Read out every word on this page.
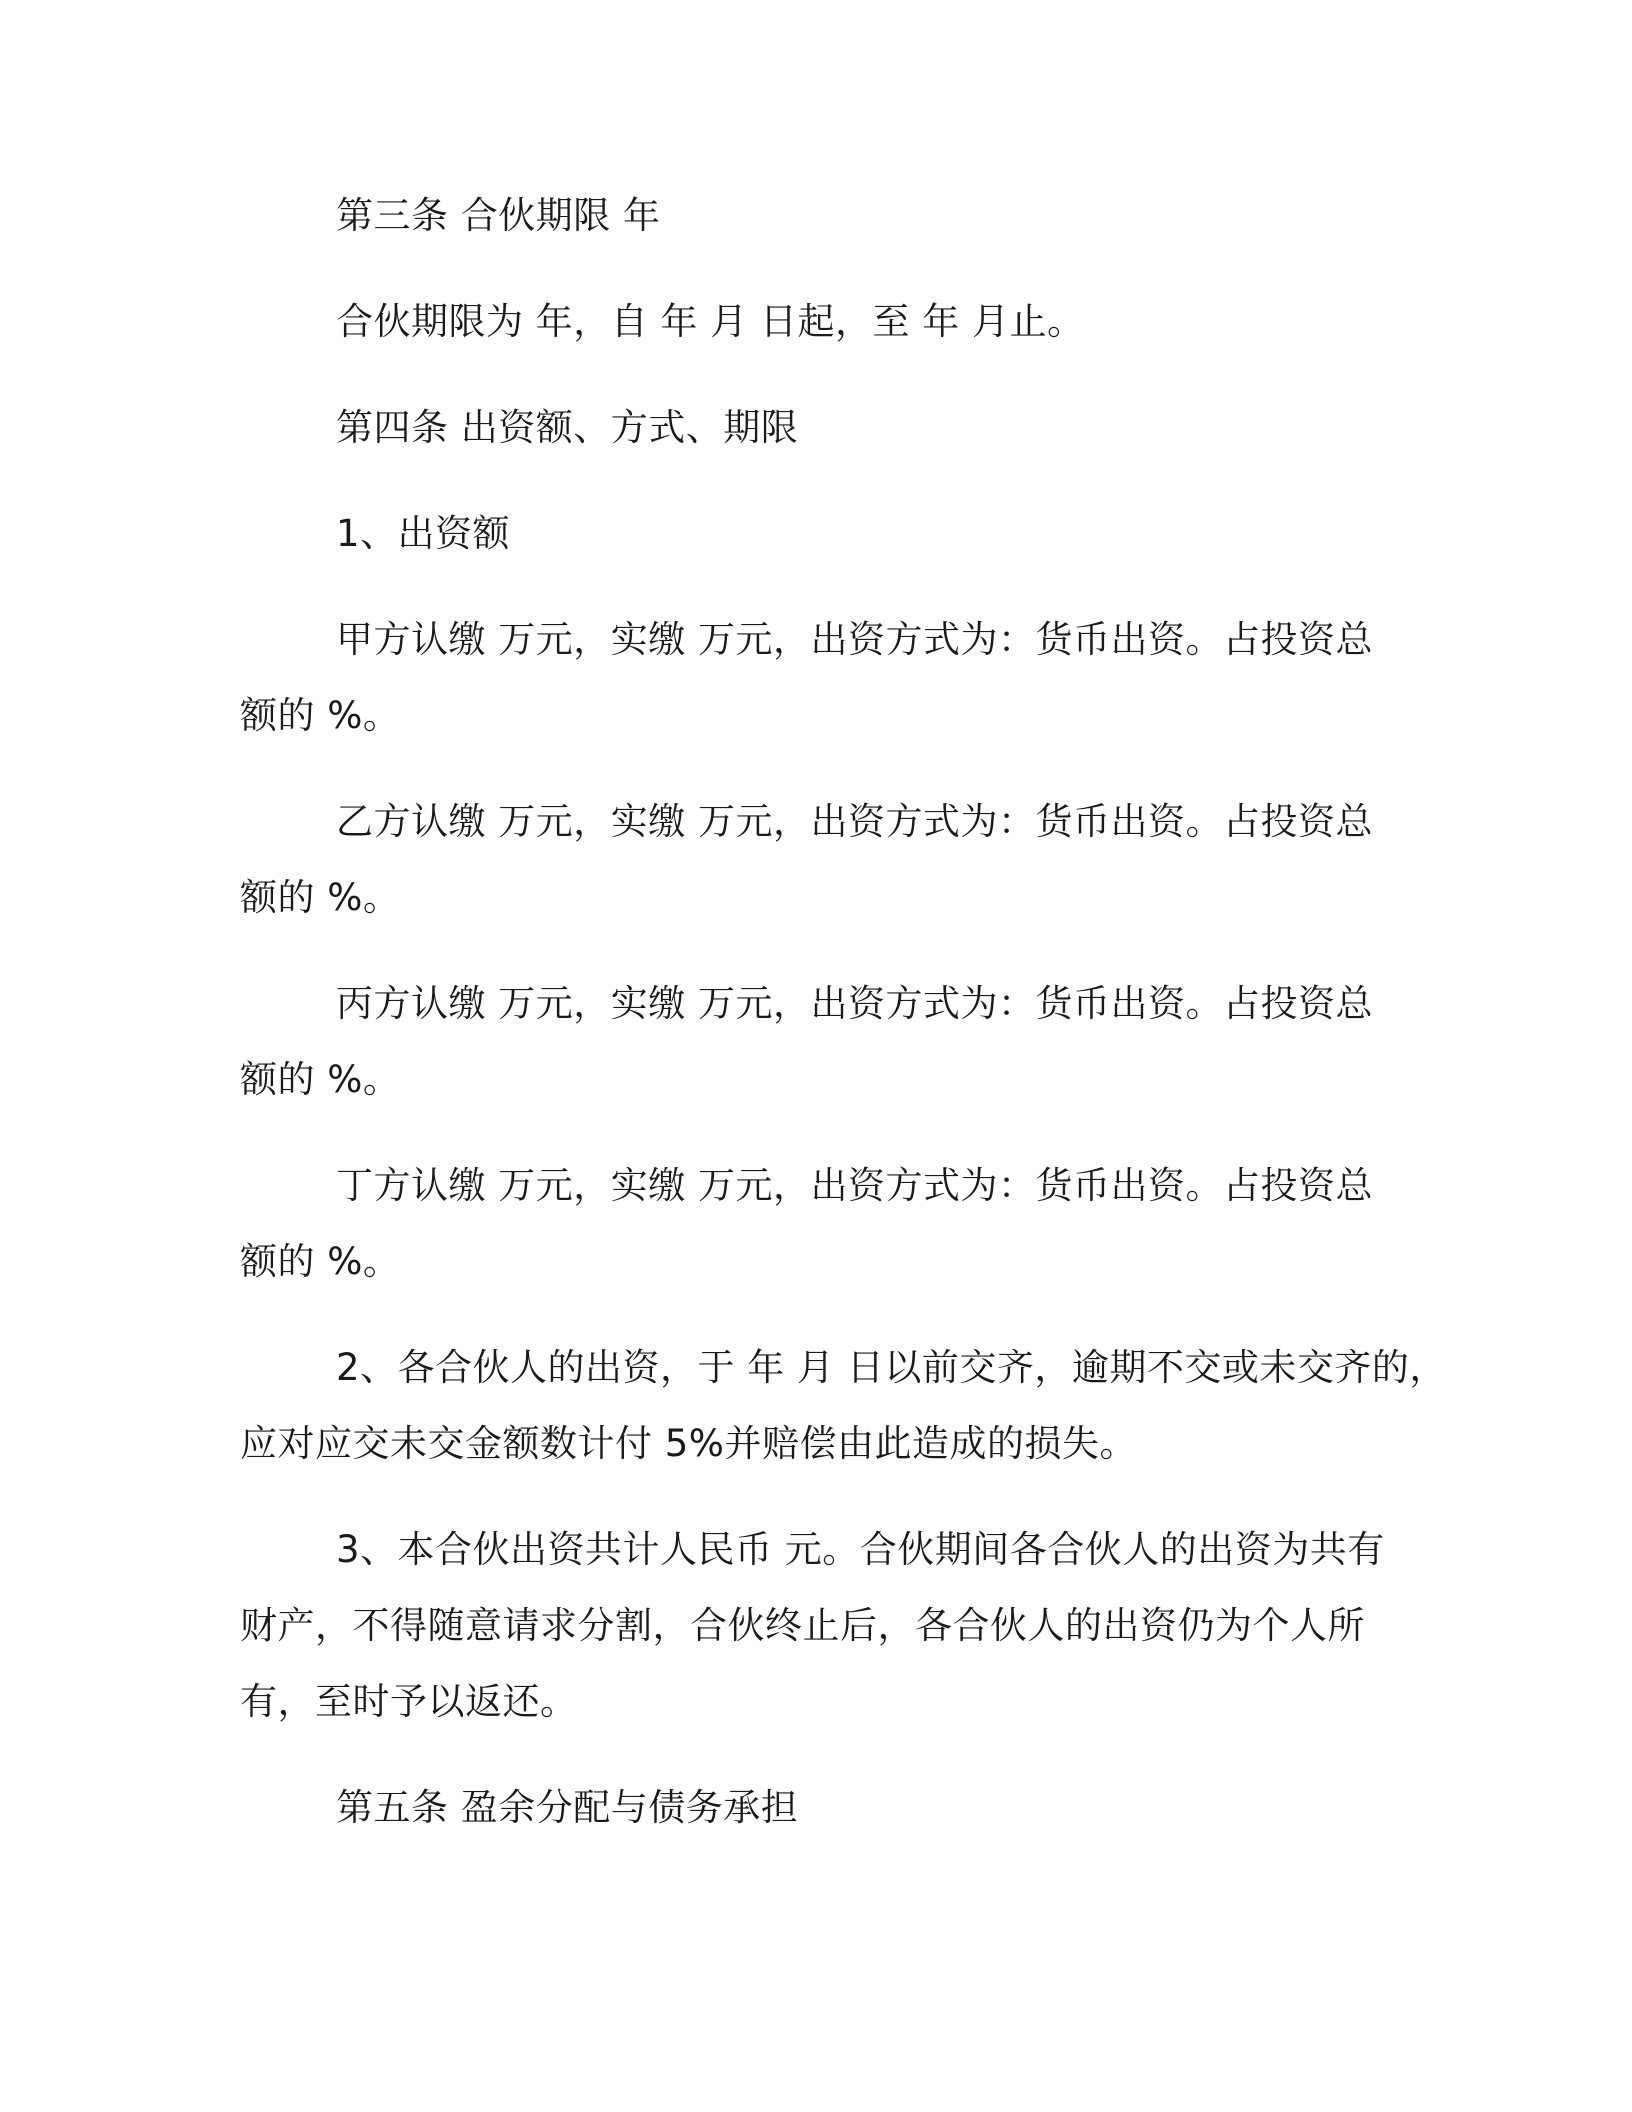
第三条 合伙期限 年
合伙期限为 年，自 年 月 日起，至 年 月止。
第四条 出资额、方式、期限
1、出资额
甲方认缴 万元，实缴 万元，出资方式为：货币出资。占投资总
额的 %。
乙方认缴 万元，实缴 万元，出资方式为：货币出资。占投资总
额的 %。
丙方认缴 万元，实缴 万元，出资方式为：货币出资。占投资总
额的 %。
丁方认缴 万元，实缴 万元，出资方式为：货币出资。占投资总
额的 %。
2、各合伙人的出资，于 年 月 日以前交齐，逾期不交或未交齐的，
应对应交未交金额数计付 5%并赔偿由此造成的损失。
3、本合伙出资共计人民币 元。合伙期间各合伙人的出资为共有
财产，不得随意请求分割，合伙终止后，各合伙人的出资仍为个人所
有，至时予以返还。
第五条 盈余分配与债务承担
